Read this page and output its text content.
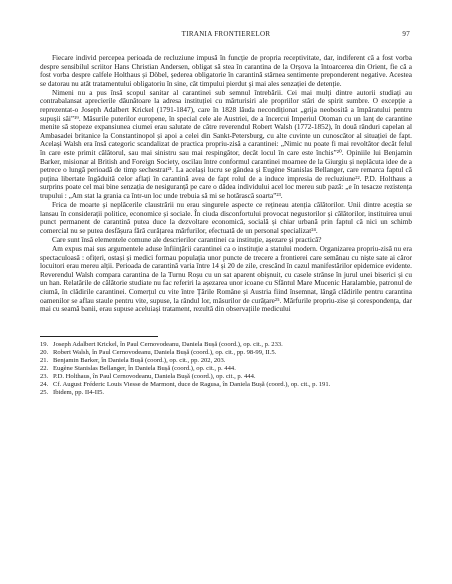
TIRANIA FRONTIERELOR	97

Fiecare individ percepea perioada de recluziune impusă în funcție de propria receptivitate, dar, indiferent că a fost vorba despre sensibilul scriitor Hans Christian Andersen, obligat să stea în carantina de la Orșova la întoarcerea din Orient, fie că a fost vorba despre calfele Holthaus și Döbel, șederea obligatorie în carantină stârnea sentimente preponderent negative. Acestea se datorau nu atât tratamentului obligatoriu în sine, cât timpului pierdut și mai ales senzației de detenție.

Nimeni nu a pus însă scopul sanitar al carantinei sub semnul întrebării. Cei mai mulți dintre autorii studiați au contrabalansat aprecierile dăunătoare la adresa instituției cu mărturisiri ale propriilor stări de spirit sumbre. O excepție a reprezentat-o Joseph Adalbert Krickel (1791-1847), care în 1828 lăuda necondiționat „grija neobosită a împăratului pentru supușii săi”¹⁹. Măsurile puterilor europene, în special cele ale Austriei, de a încercui Imperiul Otoman cu un lanț de carantine menite să stopeze expansiunea ciumei erau salutate de către reverendul Robert Walsh (1772-1852), în două rânduri capelan al Ambasadei britanice la Constantinopol și apoi a celei din Sankt-Petersburg, cu alte cuvinte un cunoscător al situației de fapt. Același Walsh era însă categoric scandalizat de practica propriu-zisă a carantinei: „Nimic nu poate fi mai revoltător decât felul în care este primit călătorul, sau mai sinistru sau mai respingător, decât locul în care este închis”²⁰. Opiniile lui Benjamin Barker, misionar al British and Foreign Society, oscilau între conformul carantinei moarnee de la Giurgiu și neplăcuta idee de a petrece o lungă perioadă de timp sechestrat²¹. La același lucru se gândea și Eugène Stanislas Bellanger, care remarca faptul că puțina libertate îngăduită celor aflați în carantină avea de fapt rolul de a induce impresia de recluziune²². P.D. Holthaus a surprins poate cel mai bine senzația de nesiguranță pe care o dădea individului acel loc mereu sub pază: „e în tesacze rezistența trupului : „Am stat la grania ca într-un loc unde trebuia să mi se hotărască soarta”²³.

Frica de moarte și neplăcerile claustrării nu erau singurele aspecte ce rețineau atenția călătorilor. Unii dintre aceștia se lansau în considerații politice, economice și sociale. În ciuda disconfortului provocat negustorilor și călătorilor, instituirea unui punct permanent de carantină putea duce la dezvoltare economică, socială și chiar urbană prin faptul că nici un schimb comercial nu se putea desfășura fără curățarea mărfurilor, efectuată de un personal specializat²⁴.

Care sunt însă elementele comune ale descrierilor carantinei ca instituție, așezare și practică?

Am expus mai sus argumentele aduse înființării carantinei ca o instituție a statului modern. Organizarea propriu-zisă nu era spectaculoasă : ofițeri, ostași și medici formau populația unor puncte de trecere a frontierei care semănau cu niște sate ai căror locuitori erau mereu alții. Perioada de carantină varia între 14 și 20 de zile, crescând în cazul manifestărilor epidemice evidente. Reverendul Walsh compara carantina de la Turnu Roșu cu un sat aparent obișnuit, cu casele strânse în jurul unei biserici și cu un han. Relatările de călătorie studiate nu fac referiri la așezarea unor icoane cu Sfântul Mare Mucenic Haralambie, patronul de ciumă, în clădirile carantinei. Comerțul cu vite între Țările Române și Austria fiind însemnat, lângă clădirile pentru carantina oamenilor se aflau staule pentru vite, supuse, la rândul lor, măsurilor de curățare²⁵. Mărfurile propriu-zise și corespondența, dar mai cu seamă banii, erau supuse aceluiași tratament, rezultă din observațiile medicului

19. Joseph Adalbert Krickel, în Paul Cernovodeanu, Daniela Bușă (coord.), op. cit., p. 233.
20. Robert Walsh, în Paul Cernovodeanu, Daniela Bușă (coord.), op. cit., pp. 98-99, II.5.
21. Benjamin Barker, în Daniela Bușă (coord.), op. cit., pp. 202, 203.
22. Eugène Stanislas Bellanger, în Daniela Bușă (coord.), op. cit., p. 444.
23. P.D. Holthaus, în Paul Cernovodeanu, Daniela Bușă (coord.), op. cit., p. 444.
24. Cf. August Fréderic Louis Viesse de Marmont, duce de Ragusa, în Daniela Bușă (coord.), op. cit., p. 191.
25. Ibidem, pp. II4-II5.
